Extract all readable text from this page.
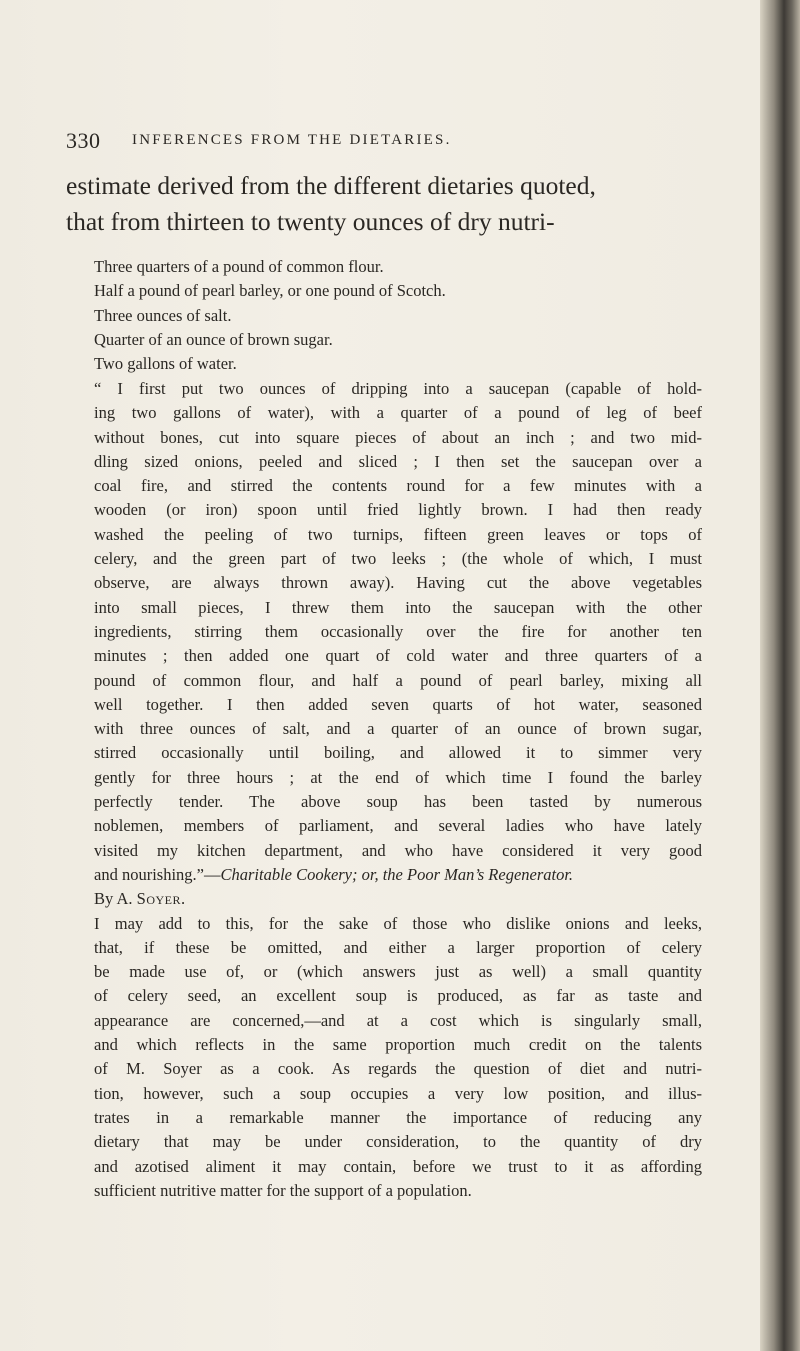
330 INFERENCES FROM THE DIETARIES.
estimate derived from the different dietaries quoted,
that from thirteen to twenty ounces of dry nutri-
Three quarters of a pound of common flour.
Half a pound of pearl barley, or one pound of Scotch.
Three ounces of salt.
Quarter of an ounce of brown sugar.
Two gallons of water.
“ I first put two ounces of dripping into a saucepan (capable of hold-
ing two gallons of water), with a quarter of a pound of leg of beef
without bones, cut into square pieces of about an inch ; and two mid-
dling sized onions, peeled and sliced ; I then set the saucepan over a
coal fire, and stirred the contents round for a few minutes with a
wooden (or iron) spoon until fried lightly brown. I had then ready
washed the peeling of two turnips, fifteen green leaves or tops of
celery, and the green part of two leeks ; (the whole of which, I must
observe, are always thrown away). Having cut the above vegetables
into small pieces, I threw them into the saucepan with the other
ingredients, stirring them occasionally over the fire for another ten
minutes ; then added one quart of cold water and three quarters of a
pound of common flour, and half a pound of pearl barley, mixing all
well together. I then added seven quarts of hot water, seasoned
with three ounces of salt, and a quarter of an ounce of brown sugar,
stirred occasionally until boiling, and allowed it to simmer very
gently for three hours ; at the end of which time I found the barley
perfectly tender. The above soup has been tasted by numerous
noblemen, members of parliament, and several ladies who have lately
visited my kitchen department, and who have considered it very good
and nourishing.”—Charitable Cookery; or, the Poor Man’s Regenerator.
By A. Soyer.
I may add to this, for the sake of those who dislike onions and leeks,
that, if these be omitted, and either a larger proportion of celery
be made use of, or (which answers just as well) a small quantity
of celery seed, an excellent soup is produced, as far as taste and
appearance are concerned,—and at a cost which is singularly small,
and which reflects in the same proportion much credit on the talents
of M. Soyer as a cook. As regards the question of diet and nutri-
tion, however, such a soup occupies a very low position, and illus-
trates in a remarkable manner the importance of reducing any
dietary that may be under consideration, to the quantity of dry
and azotised aliment it may contain, before we trust to it as affording
sufficient nutritive matter for the support of a population.
